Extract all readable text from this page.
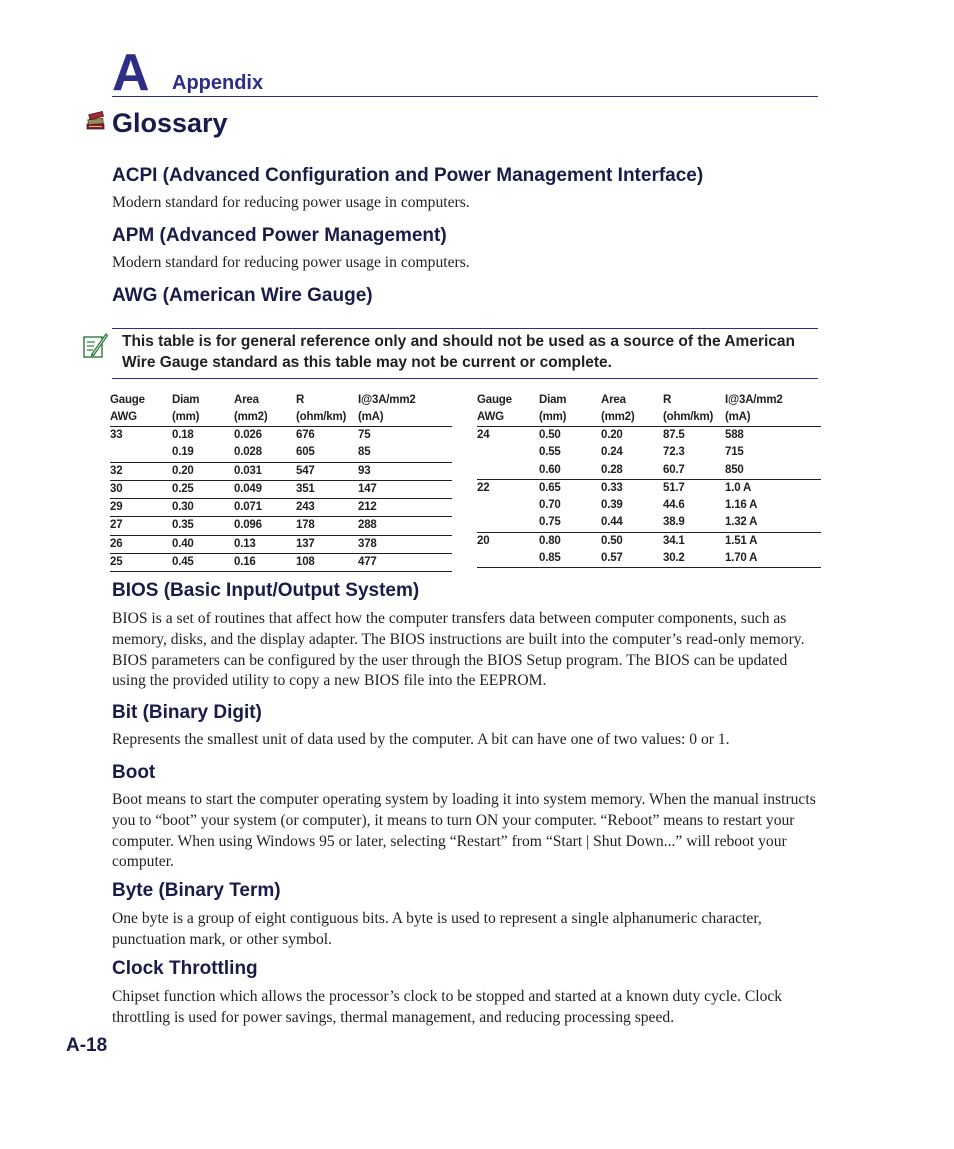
A Appendix
Glossary
ACPI (Advanced Configuration and Power Management Interface)
Modern standard for reducing power usage in computers.
APM (Advanced Power Management)
Modern standard for reducing power usage in computers.
AWG (American Wire Gauge)
This table is for general reference only and should not be used as a source of the American Wire Gauge standard as this table may not be current or complete.
Gauge	Diam	Area	R	I@3A/mm2
AWG	(mm)	(mm2)	(ohm/km)	(mA)
33	0.18	0.026	676	75
	0.19	0.028	605	85
32	0.20	0.031	547	93
30	0.25	0.049	351	147
29	0.30	0.071	243	212
27	0.35	0.096	178	288
26	0.40	0.13	137	378
25	0.45	0.16	108	477
Gauge	Diam	Area	R	I@3A/mm2
AWG	(mm)	(mm2)	(ohm/km)	(mA)
24	0.50	0.20	87.5	588
	0.55	0.24	72.3	715
	0.60	0.28	60.7	850
22	0.65	0.33	51.7	1.0 A
	0.70	0.39	44.6	1.16 A
	0.75	0.44	38.9	1.32 A
20	0.80	0.50	34.1	1.51 A
	0.85	0.57	30.2	1.70 A
BIOS (Basic Input/Output System)
BIOS is a set of routines that affect how the computer transfers data between computer components, such as memory, disks, and the display adapter. The BIOS instructions are built into the computer’s read-only memory. BIOS parameters can be configured by the user through the BIOS Setup program. The BIOS can be updated using the provided utility to copy a new BIOS file into the EEPROM.
Bit (Binary Digit)
Represents the smallest unit of data used by the computer. A bit can have one of two values: 0 or 1.
Boot
Boot means to start the computer operating system by loading it into system memory. When the manual instructs you to “boot” your system (or computer), it means to turn ON your computer. “Reboot” means to restart your computer. When using Windows 95 or later, selecting “Restart” from “Start | Shut Down...” will reboot your computer.
Byte (Binary Term)
One byte is a group of eight contiguous bits. A byte is used to represent a single alphanumeric character, punctuation mark, or other symbol.
Clock Throttling
Chipset function which allows the processor’s clock to be stopped and started at a known duty cycle. Clock throttling is used for power savings, thermal management, and reducing processing speed.
A-18
